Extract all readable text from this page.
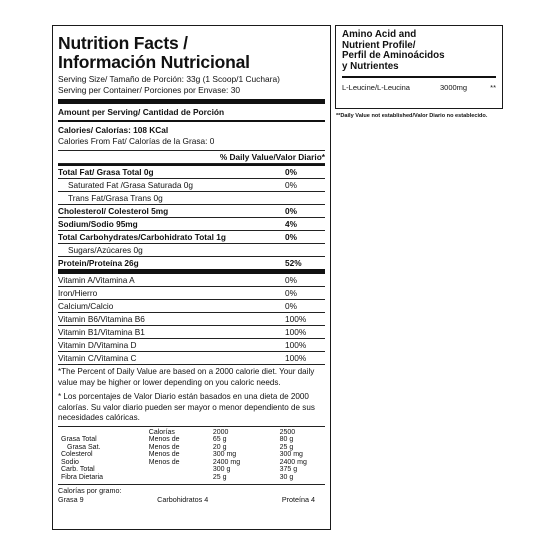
Nutrition Facts /
Información Nutricional
Serving Size/ Tamaño de Porción: 33g (1 Scoop/1 Cuchara)
Serving per Container/ Porciones por Envase: 30
Amount per Serving/ Cantidad de Porción
Calories/ Calorías: 108 KCal
Calories From Fat/ Calorías de la Grasa: 0
% Daily Value/Valor Diario*
Total Fat/ Grasa Total 0g	0%
Saturated Fat /Grasa Saturada 0g	0%
Trans Fat/Grasa Trans 0g
Cholesterol/ Colesterol 5mg	0%
Sodium/Sodio 95mg	4%
Total Carbohydrates/Carbohidrato Total 1g	0%
Sugars/Azúcares 0g
Protein/Proteína 26g	52%
Vitamin A/Vitamina A	0%
Iron/Hierro	0%
Calcium/Calcio	0%
Vitamin B6/Vitamina B6	100%
Vitamin B1/Vitamina B1	100%
Vitamin D/Vitamina D	100%
Vitamin C/Vitamina C	100%
*The Percent of Daily Value are based on a 2000 calorie diet. Your daily value may be higher or lower depending on you caloric needs.
* Los porcentajes de Valor Diario están basados en una dieta de 2000 calorías. Su valor diario pueden ser mayor o menor dependiento de sus necesidades calóricas.
	Calorías	2000	2500
Grasa Total	Menos de	65 g	80 g
Grasa Sat.	Menos de	20 g	25 g
Colesterol	Menos de	300 mg	300 mg
Sodio	Menos de	2400 mg	2400 mg
Carb. Total		300 g	375 g
Fibra Dietaria		25 g	30 g
Calorías por gramo:
Grasa 9	Carbohidratos 4	Proteína 4
Amino Acid and
Nutrient Profile/
Perfil de Aminoácidos
y Nutrientes
L-Leucine/L-Leucina	3000mg	**
**Daily Value not established/Valor Diario no establecido.
